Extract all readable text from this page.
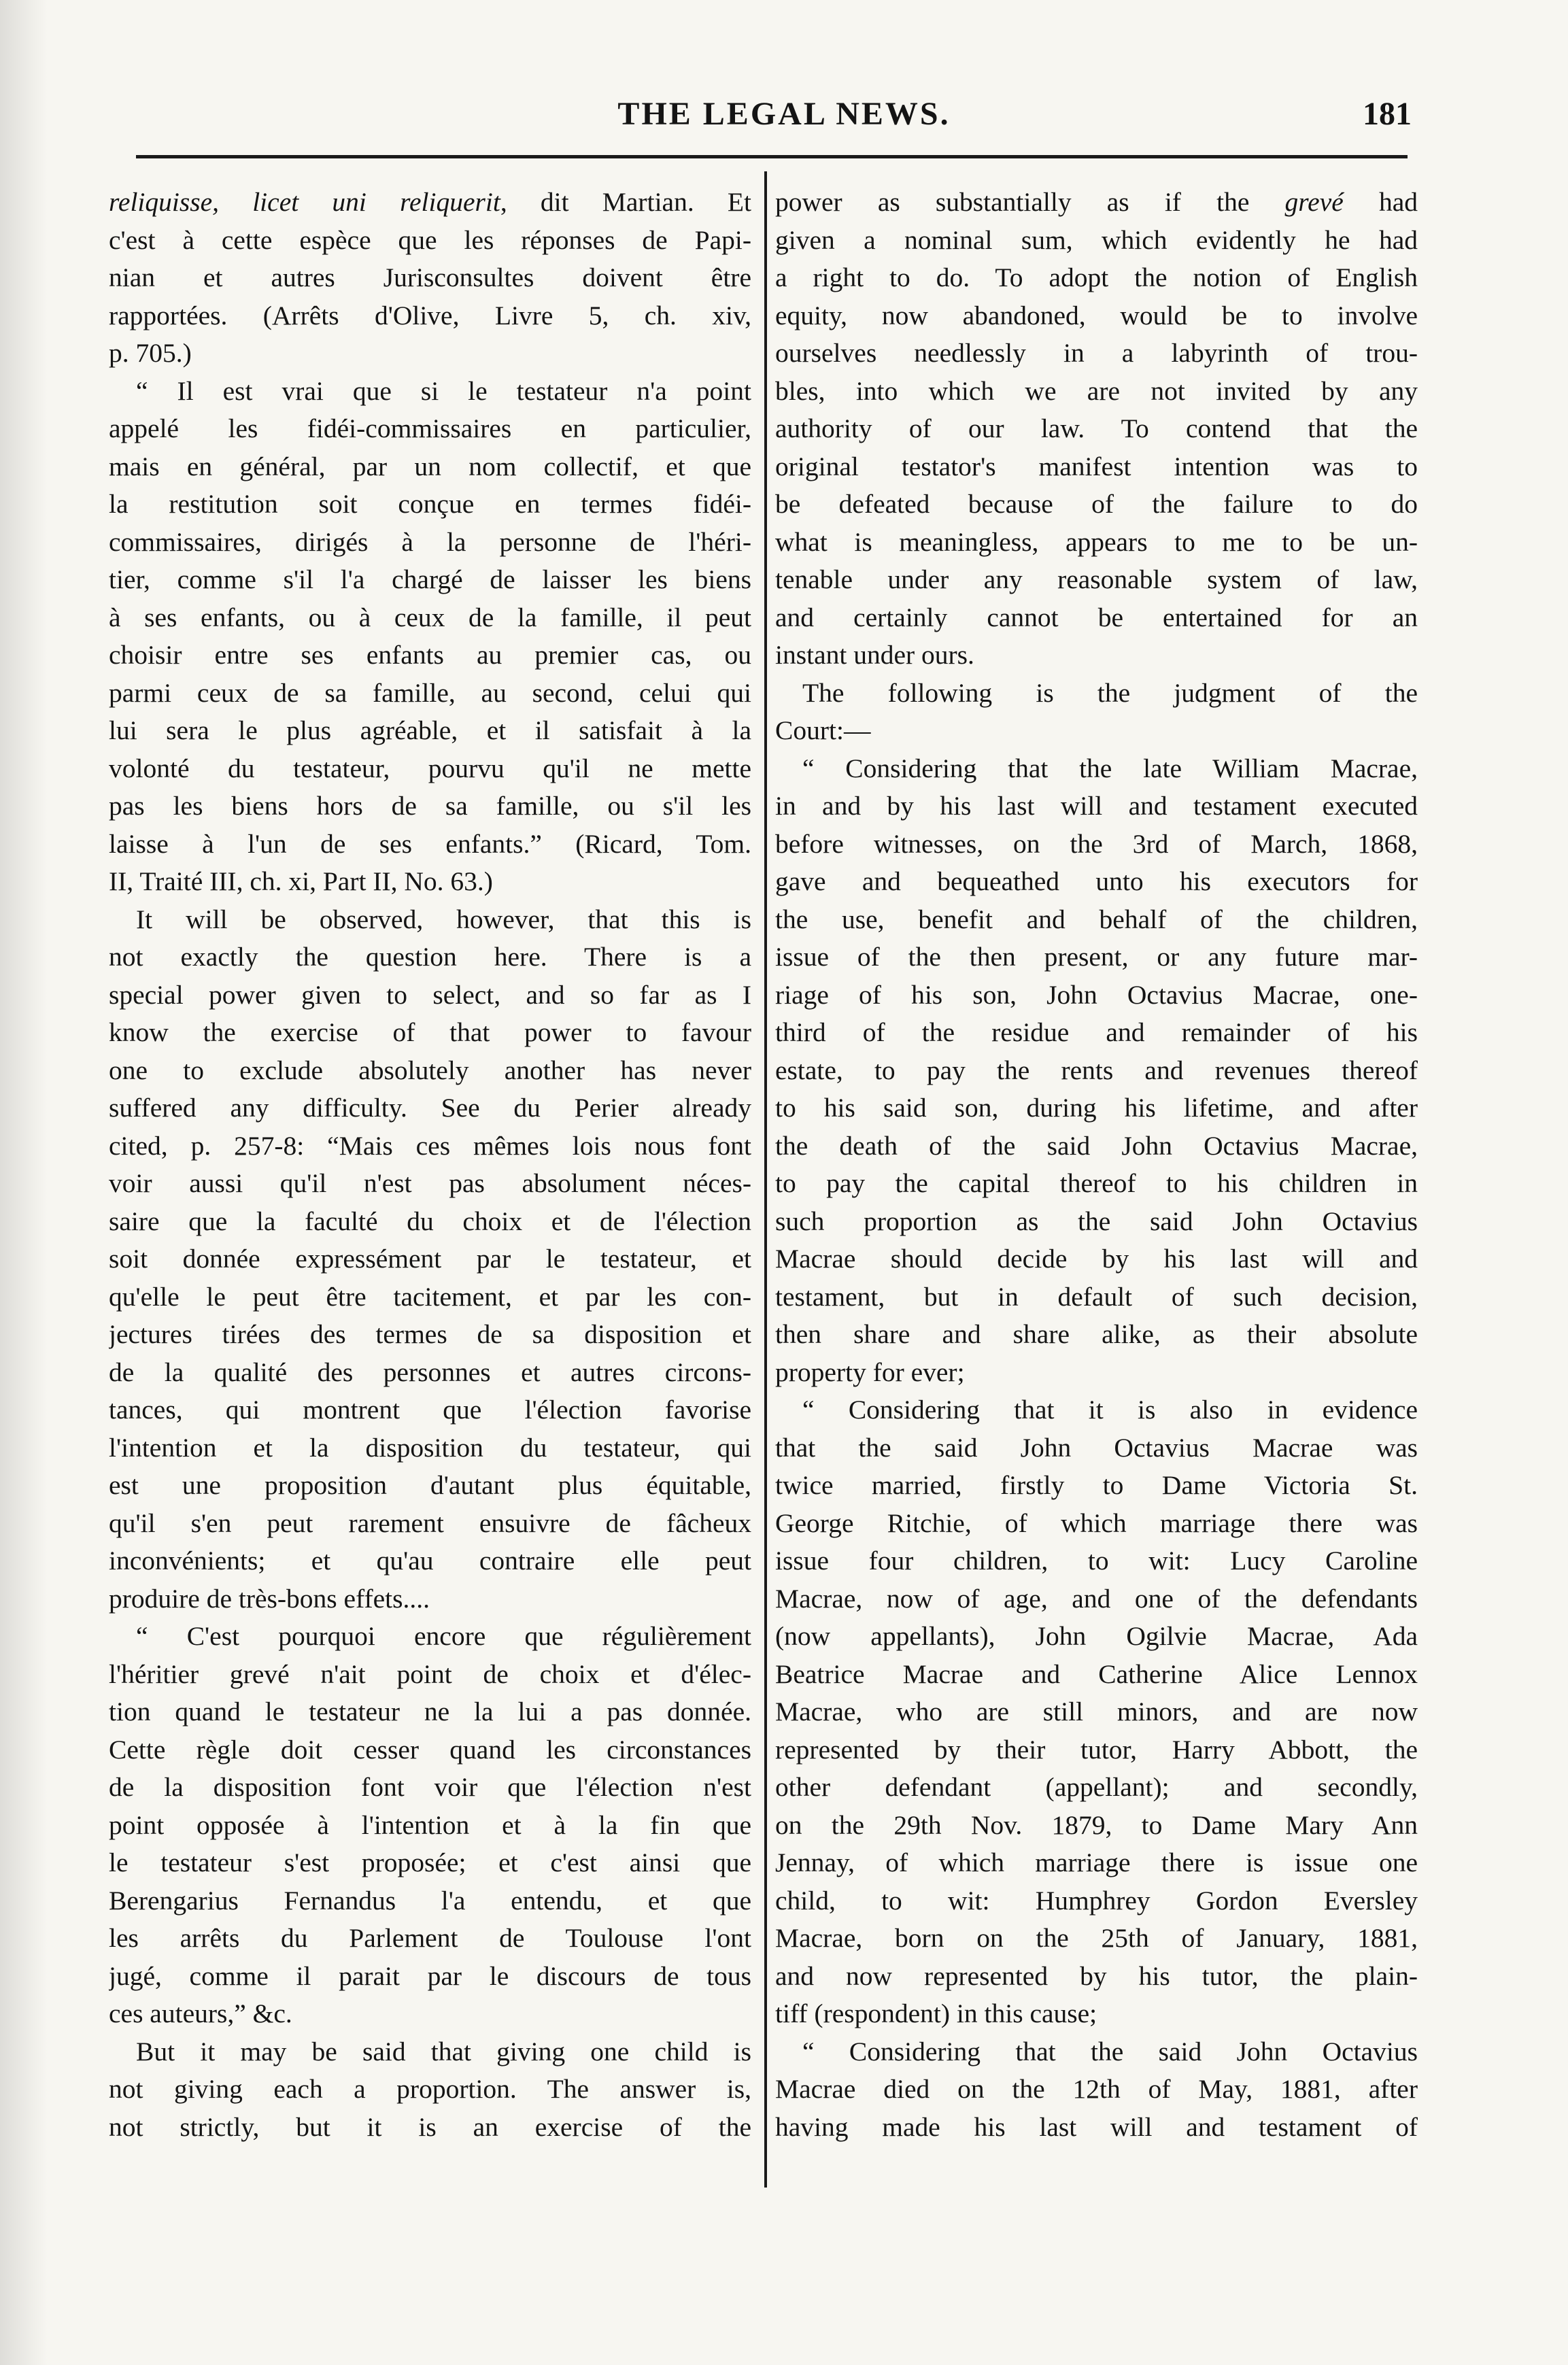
THE LEGAL NEWS.	181
reliquisse, licet uni reliquerit, dit Martian. Et
c'est à cette espèce que les réponses de Papi-
nian et autres Jurisconsultes doivent être
rapportées. (Arrêts d'Olive, Livre 5, ch. xiv,
p. 705.)
“ Il est vrai que si le testateur n'a point
appelé les fidéi-commissaires en particulier,
mais en général, par un nom collectif, et que
la restitution soit conçue en termes fidéi-
commissaires, dirigés à la personne de l'héri-
tier, comme s'il l'a chargé de laisser les biens
à ses enfants, ou à ceux de la famille, il peut
choisir entre ses enfants au premier cas, ou
parmi ceux de sa famille, au second, celui qui
lui sera le plus agréable, et il satisfait à la
volonté du testateur, pourvu qu'il ne mette
pas les biens hors de sa famille, ou s'il les
laisse à l'un de ses enfants.” (Ricard, Tom.
II, Traité III, ch. xi, Part II, No. 63.)
It will be observed, however, that this is
not exactly the question here. There is a
special power given to select, and so far as I
know the exercise of that power to favour
one to exclude absolutely another has never
suffered any difficulty. See du Perier already
cited, p. 257-8: “Mais ces mêmes lois nous font
voir aussi qu'il n'est pas absolument néces-
saire que la faculté du choix et de l'élection
soit donnée expressément par le testateur, et
qu'elle le peut être tacitement, et par les con-
jectures tirées des termes de sa disposition et
de la qualité des personnes et autres circons-
tances, qui montrent que l'élection favorise
l'intention et la disposition du testateur, qui
est une proposition d'autant plus équitable,
qu'il s'en peut rarement ensuivre de fâcheux
inconvénients; et qu'au contraire elle peut
produire de très-bons effets....
“ C'est pourquoi encore que régulièrement
l'héritier grevé n'ait point de choix et d'élec-
tion quand le testateur ne la lui a pas donnée.
Cette règle doit cesser quand les circonstances
de la disposition font voir que l'élection n'est
point opposée à l'intention et à la fin que
le testateur s'est proposée; et c'est ainsi que
Berengarius Fernandus l'a entendu, et que
les arrêts du Parlement de Toulouse l'ont
jugé, comme il parait par le discours de tous
ces auteurs,” &c.
But it may be said that giving one child is
not giving each a proportion. The answer is,
not strictly, but it is an exercise of the
power as substantially as if the grevé had
given a nominal sum, which evidently he had
a right to do. To adopt the notion of English
equity, now abandoned, would be to involve
ourselves needlessly in a labyrinth of trou-
bles, into which we are not invited by any
authority of our law. To contend that the
original testator's manifest intention was to
be defeated because of the failure to do
what is meaningless, appears to me to be un-
tenable under any reasonable system of law,
and certainly cannot be entertained for an
instant under ours.
The following is the judgment of the
Court:—
“ Considering that the late William Macrae,
in and by his last will and testament executed
before witnesses, on the 3rd of March, 1868,
gave and bequeathed unto his executors for
the use, benefit and behalf of the children,
issue of the then present, or any future mar-
riage of his son, John Octavius Macrae, one-
third of the residue and remainder of his
estate, to pay the rents and revenues thereof
to his said son, during his lifetime, and after
the death of the said John Octavius Macrae,
to pay the capital thereof to his children in
such proportion as the said John Octavius
Macrae should decide by his last will and
testament, but in default of such decision,
then share and share alike, as their absolute
property for ever;
“ Considering that it is also in evidence
that the said John Octavius Macrae was
twice married, firstly to Dame Victoria St.
George Ritchie, of which marriage there was
issue four children, to wit: Lucy Caroline
Macrae, now of age, and one of the defendants
(now appellants), John Ogilvie Macrae, Ada
Beatrice Macrae and Catherine Alice Lennox
Macrae, who are still minors, and are now
represented by their tutor, Harry Abbott, the
other defendant (appellant); and secondly,
on the 29th Nov. 1879, to Dame Mary Ann
Jennay, of which marriage there is issue one
child, to wit: Humphrey Gordon Eversley
Macrae, born on the 25th of January, 1881,
and now represented by his tutor, the plain-
tiff (respondent) in this cause;
“ Considering that the said John Octavius
Macrae died on the 12th of May, 1881, after
having made his last will and testament of
